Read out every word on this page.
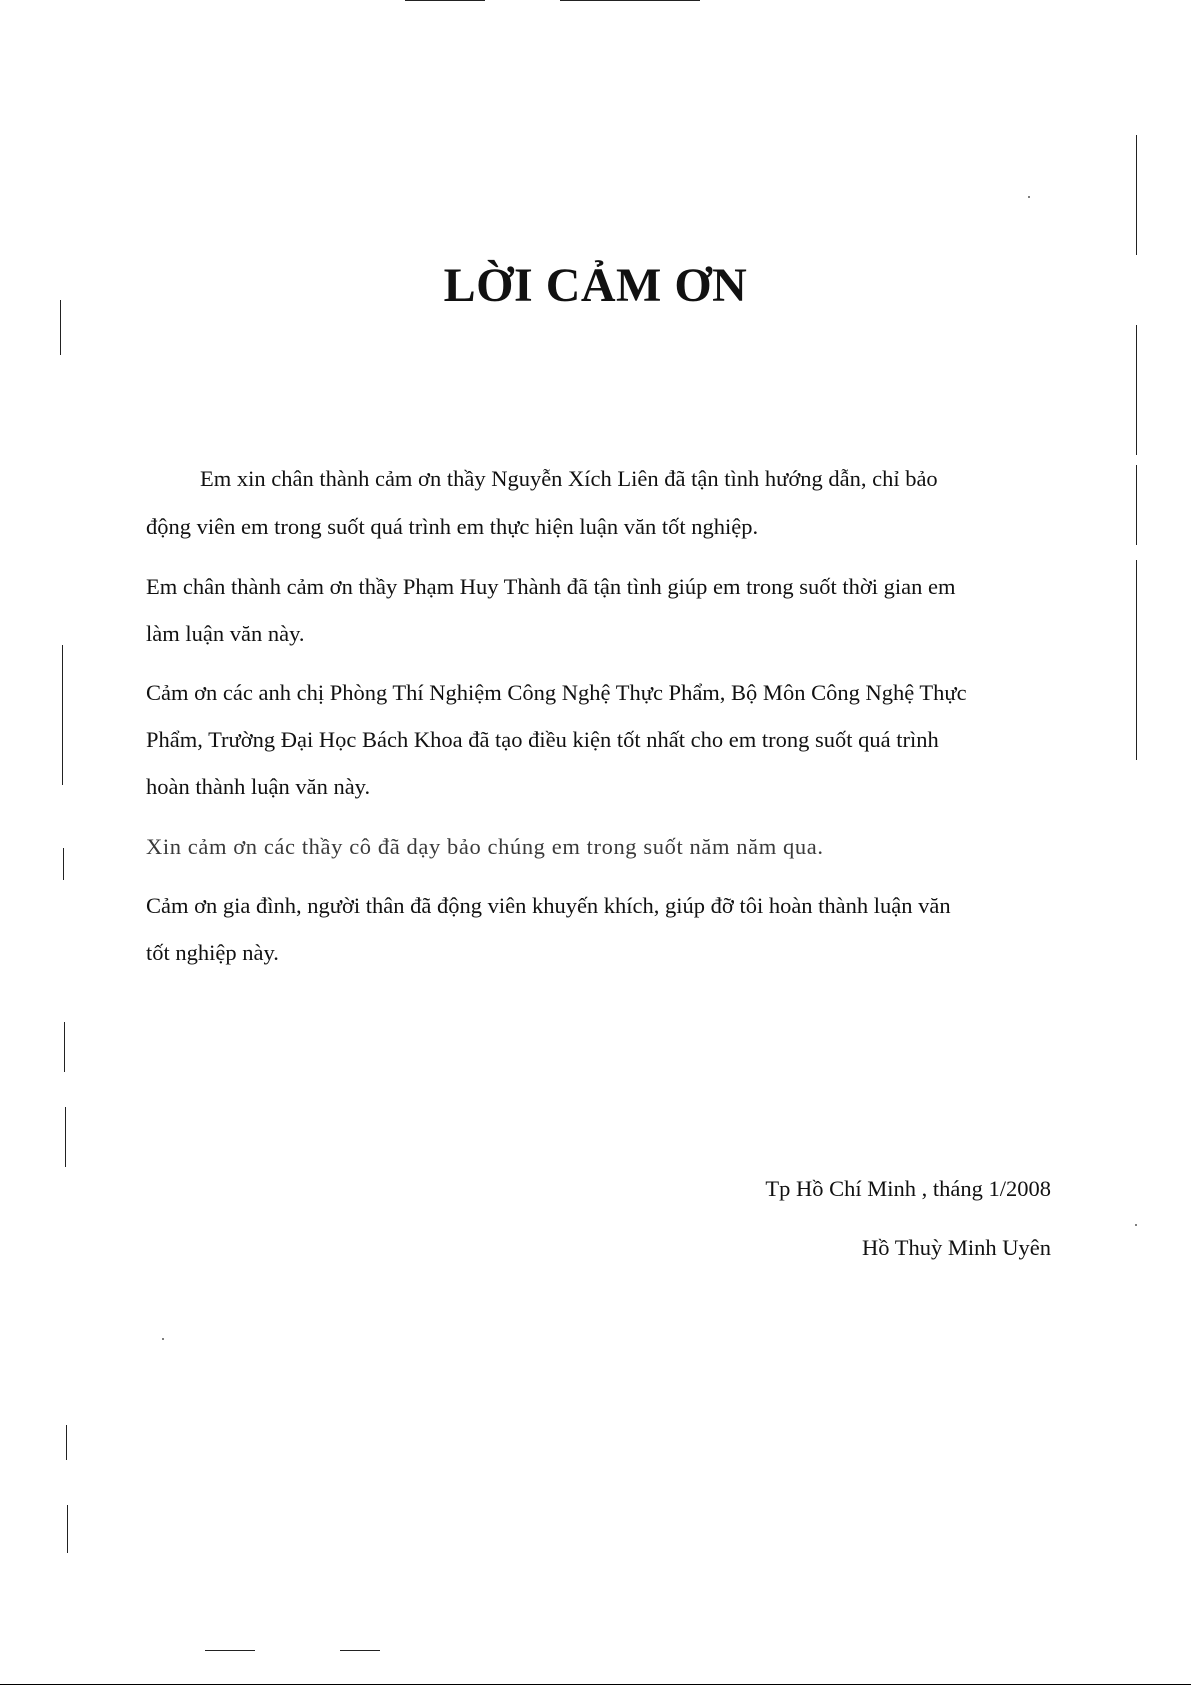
LỜI CẢM ƠN

Em xin chân thành cảm ơn thầy Nguyễn Xích Liên đã tận tình hướng dẫn, chỉ bảo

động viên em trong suốt quá trình em thực hiện luận văn tốt nghiệp.

Em chân thành cảm ơn thầy Phạm Huy Thành đã tận tình giúp em trong suốt thời gian em

làm luận văn này.

Cảm ơn các anh chị Phòng Thí Nghiệm Công Nghệ Thực Phẩm, Bộ Môn Công Nghệ Thực

Phẩm, Trường Đại Học Bách Khoa đã tạo điều kiện tốt nhất cho em trong suốt quá trình

hoàn thành luận văn này.

Xin cảm ơn các thầy cô đã dạy bảo chúng em trong suốt năm năm qua.

Cảm ơn gia đình, người thân đã động viên khuyến khích, giúp đỡ tôi hoàn thành luận văn

tốt nghiệp này.

Tp Hồ Chí Minh , tháng 1/2008

Hồ Thuỳ Minh Uyên
